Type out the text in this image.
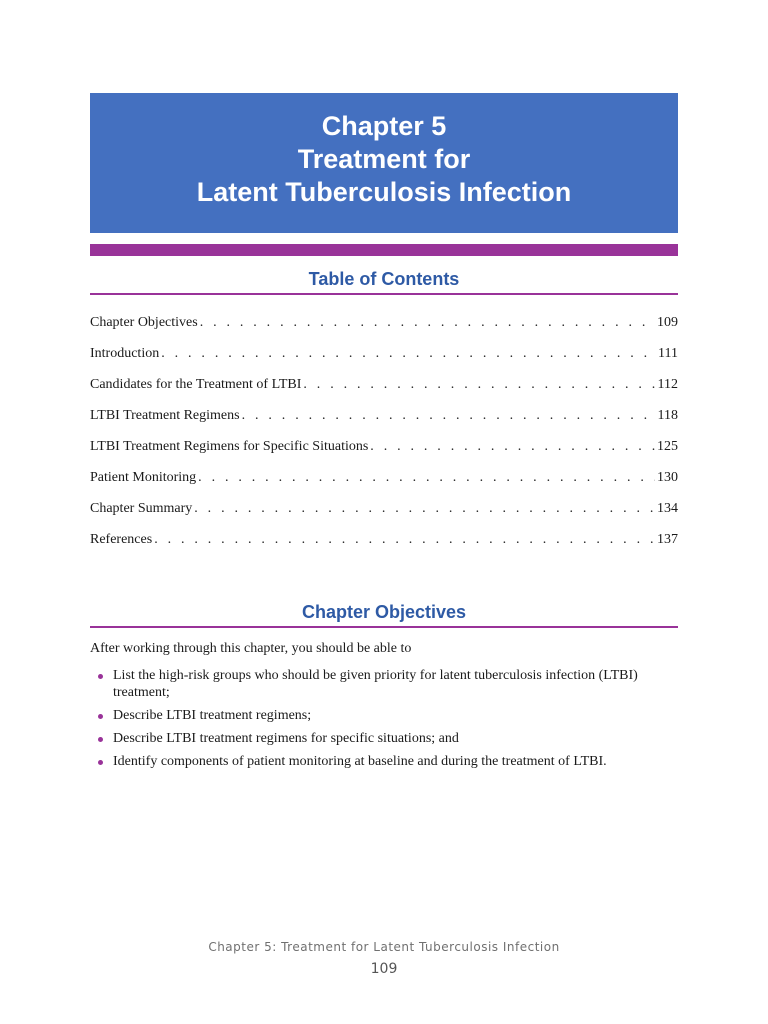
Chapter 5
Treatment for
Latent Tuberculosis Infection
Table of Contents
Chapter Objectives . . .	109
Introduction . . .	111
Candidates for the Treatment of LTBI . . .	112
LTBI Treatment Regimens . . .	118
LTBI Treatment Regimens for Specific Situations . . .	125
Patient Monitoring . . .	130
Chapter Summary . . .	134
References . . .	137
Chapter Objectives
After working through this chapter, you should be able to
List the high-risk groups who should be given priority for latent tuberculosis infection (LTBI) treatment;
Describe LTBI treatment regimens;
Describe LTBI treatment regimens for specific situations; and
Identify components of patient monitoring at baseline and during the treatment of LTBI.
Chapter 5: Treatment for Latent Tuberculosis Infection
109
